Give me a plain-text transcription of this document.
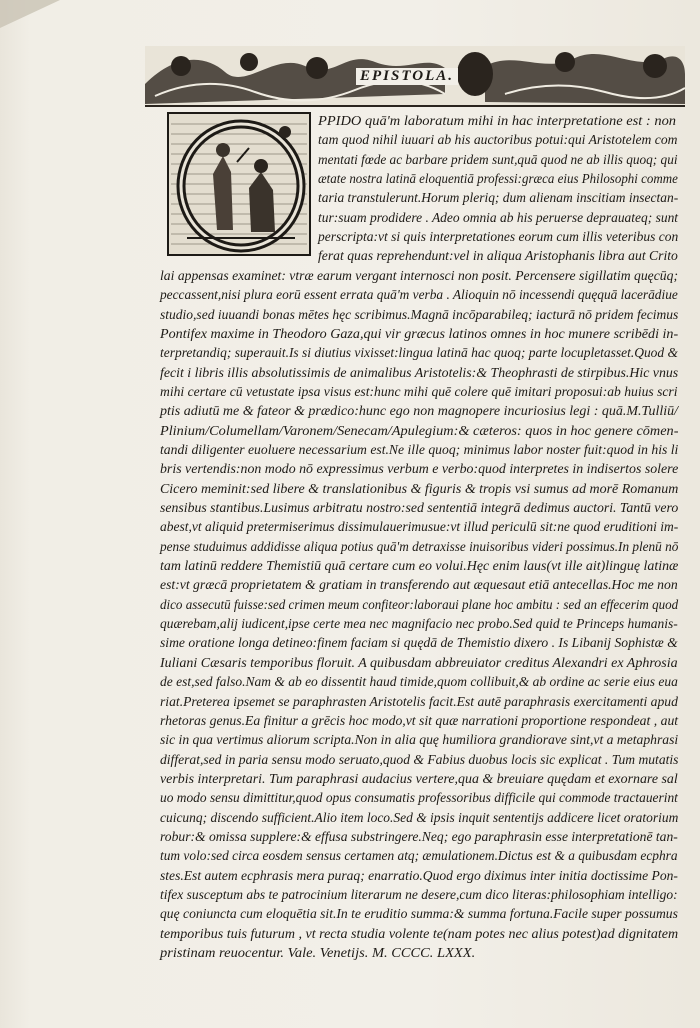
EPISTOLA.
PPIDO quā'm laboratum mihi in hac interpretatione est : non
tam quod nihil iuuari ab his auctoribus potui:qui Aristotelem com
mentati fœde ac barbare pridem sunt,quā quod ne ab illis quoq; qui
ætate nostra latinā eloquentiā professi:græca eius Philosophi comme
taria transtulerunt.Horum pleriq; dum alienam inscitiam insectan-
tur:suam prodidere . Adeo omnia ab his peruerse deprauateq; sunt
perscripta:vt si quis interpretationes eorum cum illis veteribus con
ferat quas reprehendunt:vel in aliqua Aristophanis libra aut Crito
lai appensas examinet: vtræ earum vergant internosci non posit. Percensere sigillatim quęcūq;
peccassent,nisi plura eorū essent errata quā'm verba . Alioquin nō incessendi quęquā lacerādiue
studio,sed iuuandi bonas mētes hęc scribimus.Magnā incōparabileq; iacturā nō pridem fecimus
Pontifex maxime in Theodoro Gaza,qui vir græcus latinos omnes in hoc munere scribēdi in-
terpretandiq; superauit.Is si diutius vixisset:lingua latinā hac quoq; parte locupletasset.Quod &
fecit i libris illis absolutissimis de animalibus Aristotelis:& Theophrasti de stirpibus.Hic vnus
mihi certare cū vetustate ipsa visus est:hunc mihi quē colere quē imitari proposui:ab huius scri
ptis adiutū me & fateor & prædico:hunc ego non magnopere incuriosius legi : quā.M.Tulliū/
Plinium/Columellam/Varonem/Senecam/Apulegium:& cæteros: quos in hoc genere cōmen-
tandi diligenter euoluere necessarium est.Ne ille quoq; minimus labor noster fuit:quod in his li
bris vertendis:non modo nō expressimus verbum e verbo:quod interpretes in indisertos solere
Cicero meminit:sed libere & translationibus & figuris & tropis vsi sumus ad morē Romanum
sensibus stantibus.Lusimus arbitratu nostro:sed sententiā integrā dedimus auctori. Tantū vero
abest,vt aliquid pretermiserimus dissimulauerimusue:vt illud periculū sit:ne quod eruditioni im-
pense studuimus addidisse aliqua potius quā'm detraxisse inuisoribus videri possimus.In plenū nō
tam latinū reddere Themistiū quā certare cum eo volui.Hęc enim laus(vt ille ait)linguę latinæ
est:vt græcā proprietatem & gratiam in transferendo aut æquesaut etiā antecellas.Hoc me non
dico assecutū fuisse:sed crimen meum confiteor:laboraui plane hoc ambitu : sed an effecerim quod
quærebam,alij iudicent,ipse certe mea nec magnifacio nec probo.Sed quid te Princeps humanis-
sime oratione longa detineo:finem faciam si quędā de Themistio dixero . Is Libanij Sophistæ &
Iuliani Cæsaris temporibus floruit. A quibusdam abbreuiator creditus Alexandri ex Aphrosia
de est,sed falso.Nam & ab eo dissentit haud timide,quom collibuit,& ab ordine ac serie eius eua
riat.Preterea ipsemet se paraphrasten Aristotelis facit.Est autē paraphrasis exercitamenti apud
rhetoras genus.Ea finitur a grēcis hoc modo,vt sit quæ narrationi proportione respondeat , aut
sic in qua vertimus aliorum scripta.Non in alia quę humiliora grandiorave sint,vt a metaphrasi
differat,sed in paria sensu modo seruato,quod & Fabius duobus locis sic explicat . Tum mutatis
verbis interpretari. Tum paraphrasi audacius vertere,qua & breuiare quędam et exornare sal
uo modo sensu dimittitur,quod opus consumatis professoribus difficile qui commode tractauerint
cuicunq; discendo sufficient.Alio item loco.Sed & ipsis inquit sententijs addicere licet oratorium
robur:& omissa supplere:& effusa substringere.Neq; ego paraphrasin esse interpretationē tan-
tum volo:sed circa eosdem sensus certamen atq; æmulationem.Dictus est & a quibusdam ecphra
stes.Est autem ecphrasis mera puraq; enarratio.Quod ergo diximus inter initia doctissime Pon-
tifex susceptum abs te patrocinium literarum ne desere,cum dico literas:philosophiam intelligo:
quę coniuncta cum eloquētia sit.In te eruditio summa:& summa fortuna.Facile super possumus
temporibus tuis futurum , vt recta studia volente te(nam potes nec alius potest)ad dignitatem
pristinam reuocentur. Vale. Venetijs. M. CCCC. LXXX.
